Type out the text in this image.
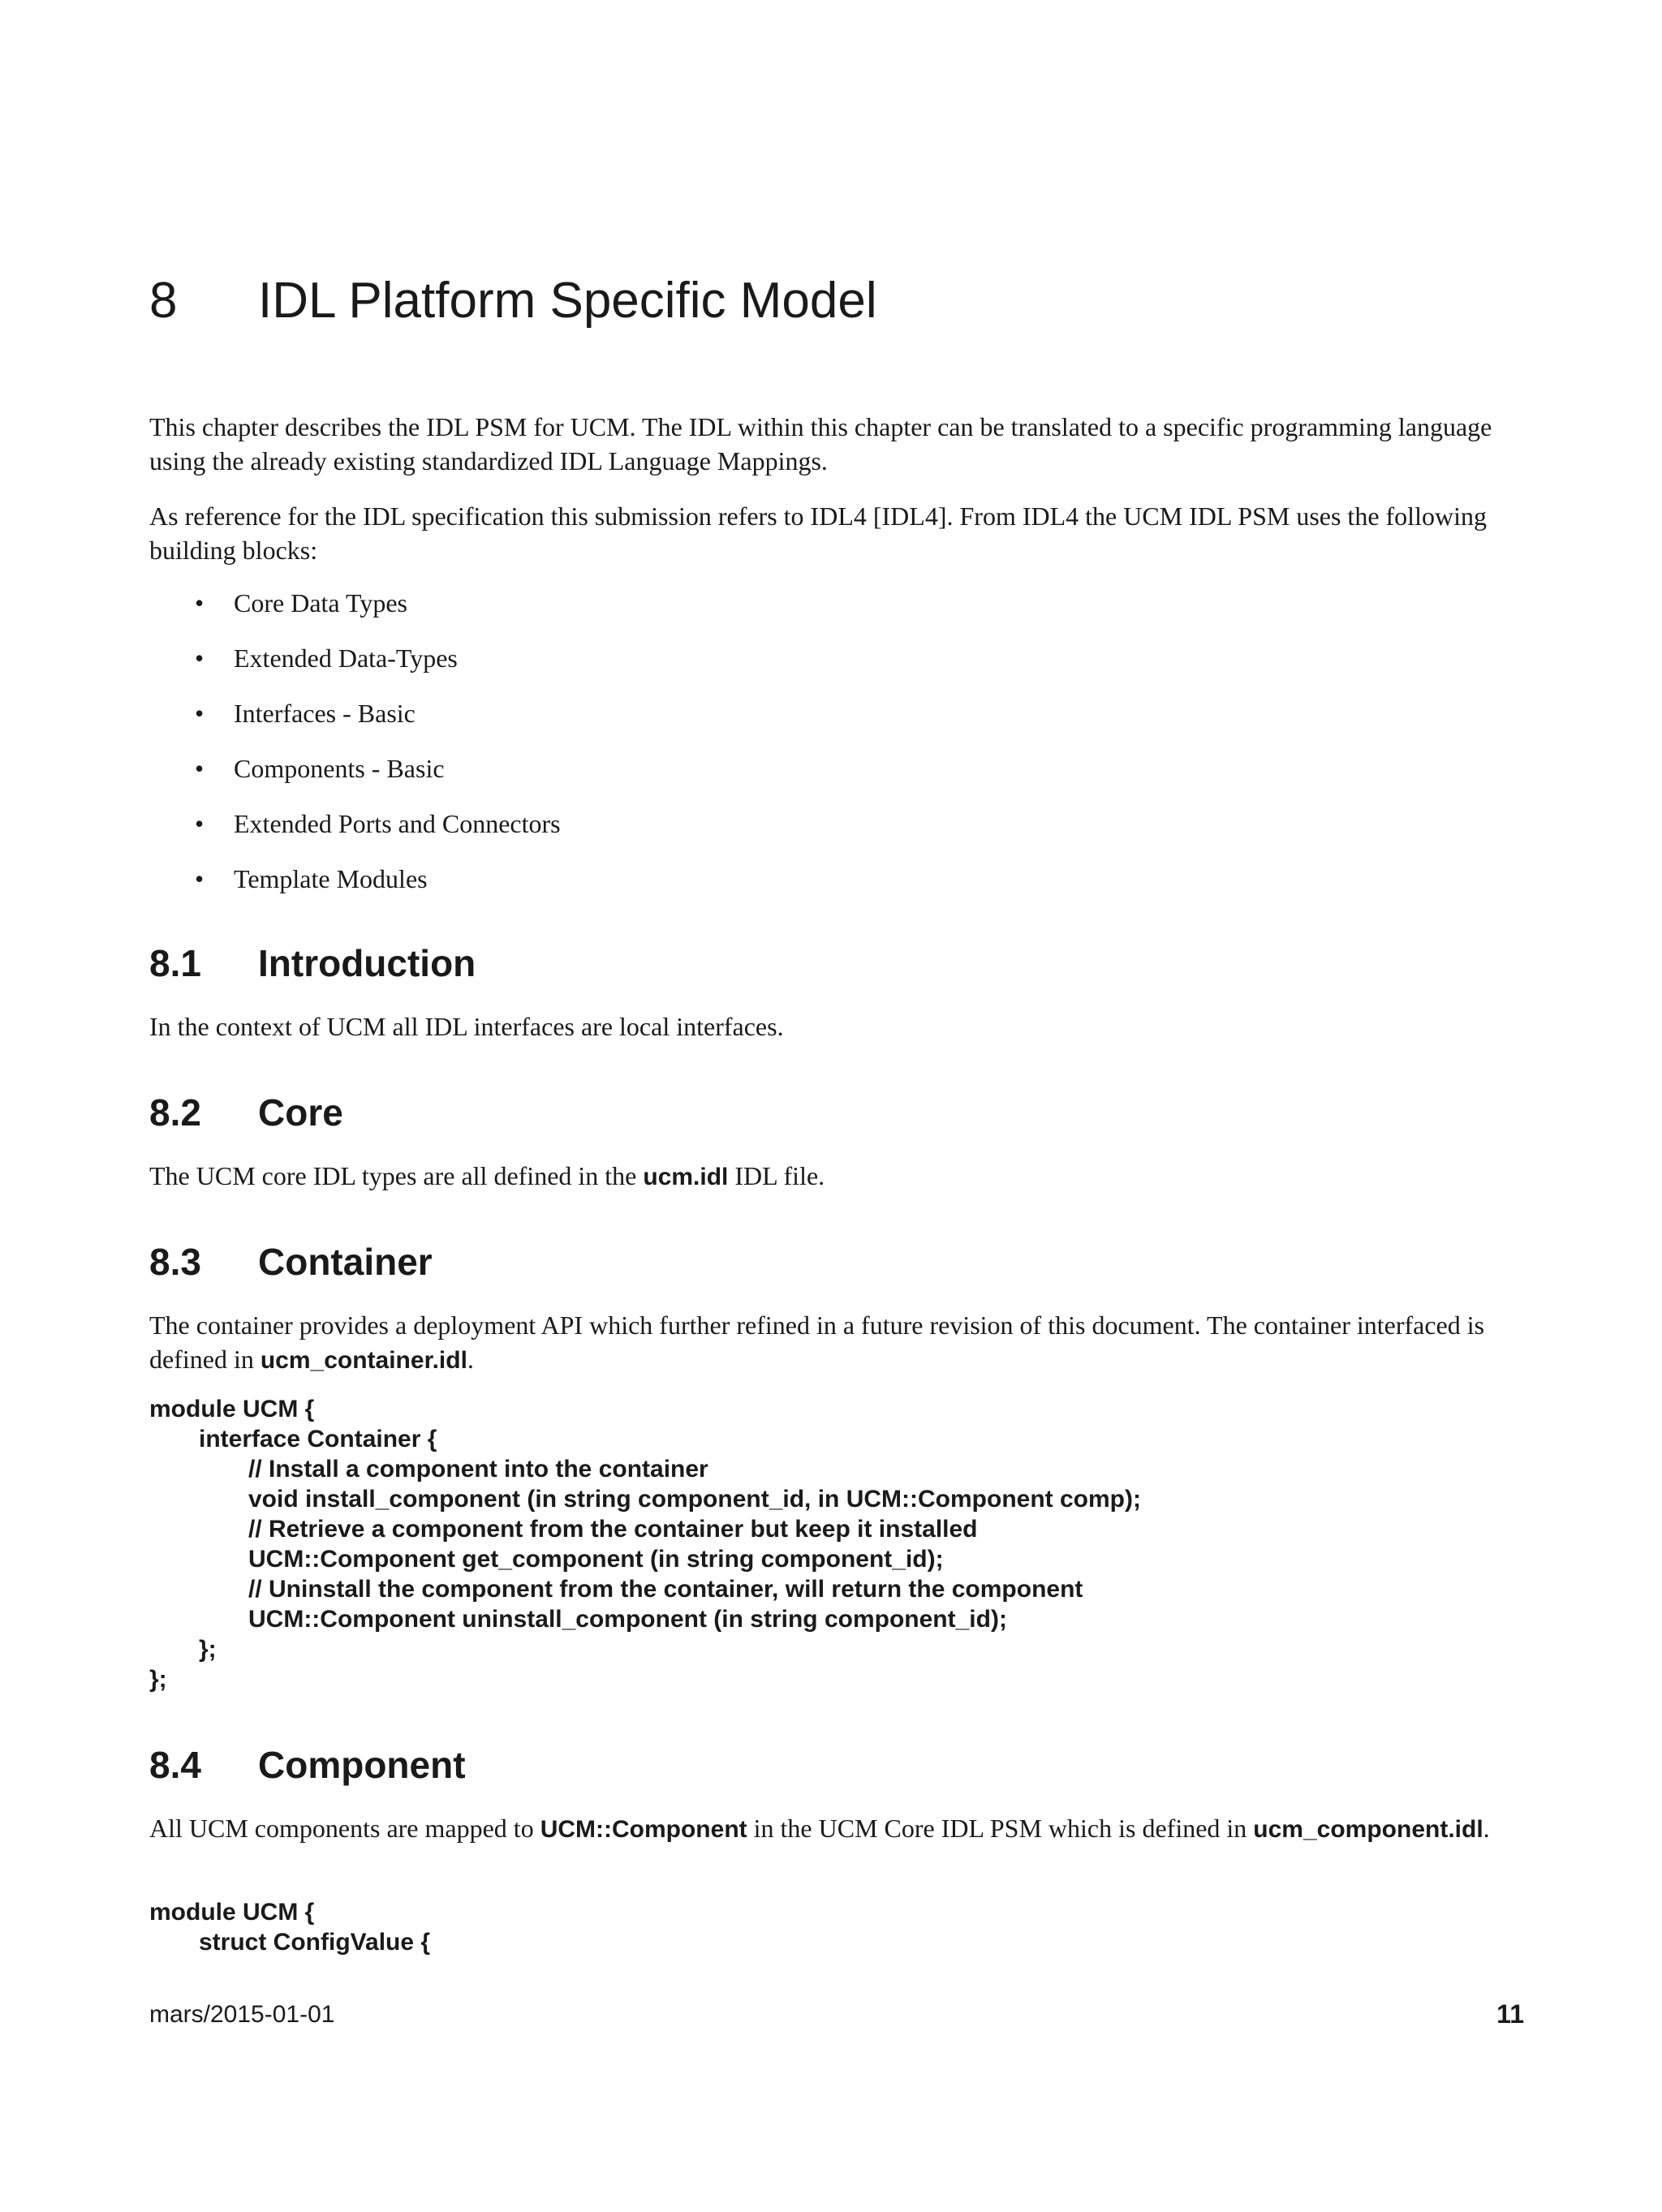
8 IDL Platform Specific Model

This chapter describes the IDL PSM for UCM. The IDL within this chapter can be translated to a specific programming language using the already existing standardized IDL Language Mappings.

As reference for the IDL specification this submission refers to IDL4 [IDL4]. From IDL4 the UCM IDL PSM uses the following building blocks:

• Core Data Types
• Extended Data-Types
• Interfaces - Basic
• Components - Basic
• Extended Ports and Connectors
• Template Modules
8.1 Introduction

In the context of UCM all IDL interfaces are local interfaces.

8.2 Core

The UCM core IDL types are all defined in the ucm.idl IDL file.

8.3 Container

The container provides a deployment API which further refined in a future revision of this document. The container interfaced is defined in ucm_container.idl.

module UCM {
interface Container {
// Install a component into the container
void install_component (in string component_id, in UCM::Component comp);
// Retrieve a component from the container but keep it installed
UCM::Component get_component (in string component_id);
// Uninstall the component from the container, will return the component
UCM::Component uninstall_component (in string component_id);
};
};
8.4 Component

All UCM components are mapped to UCM::Component in the UCM Core IDL PSM which is defined in ucm_component.idl.

module UCM {
struct ConfigValue {
mars/2015-01-01	11
